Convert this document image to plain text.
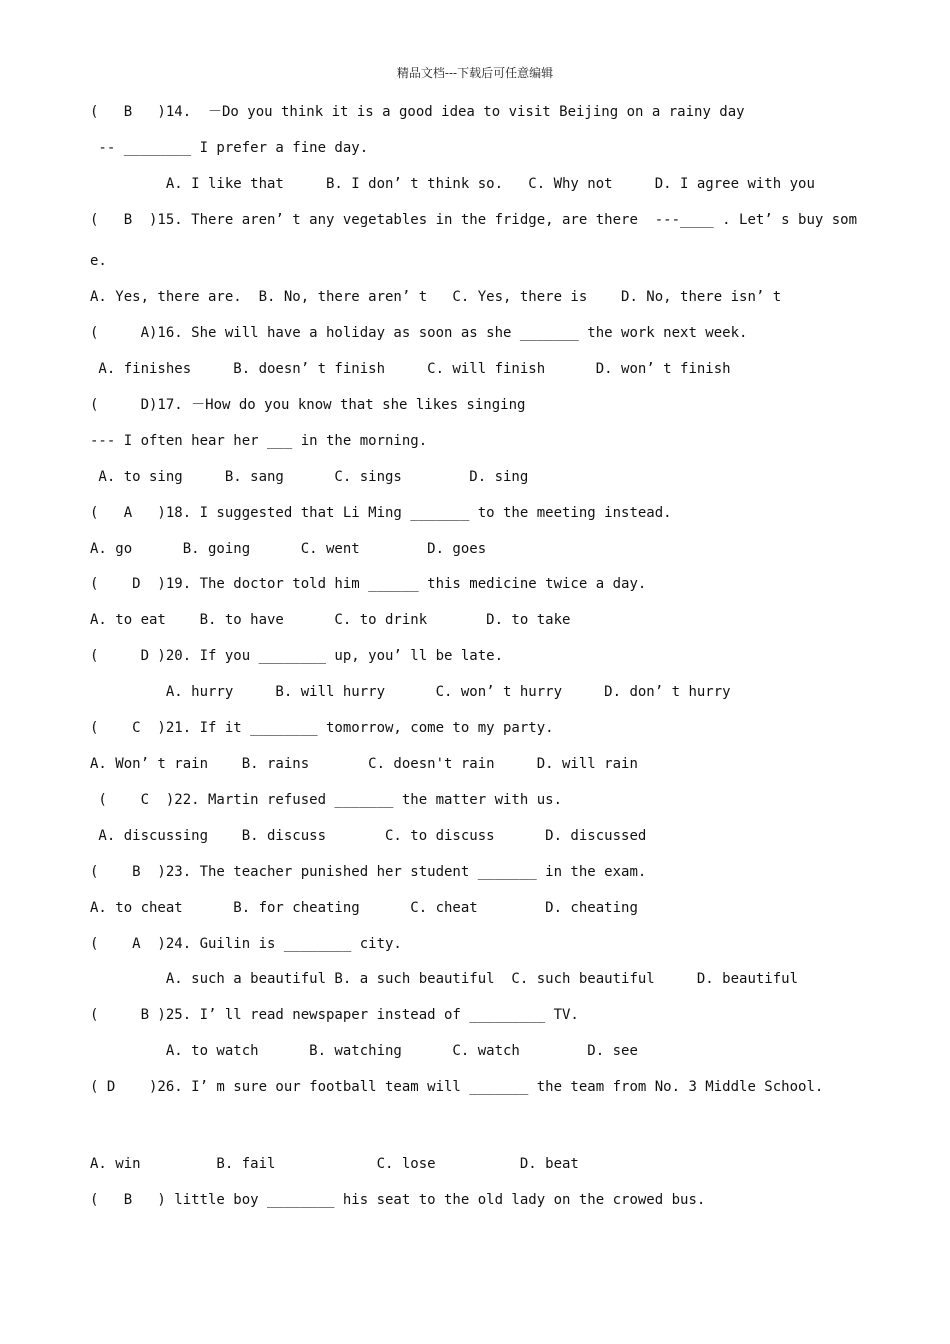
精品文档---下载后可任意编辑
(   B   )14.  －Do you think it is a good idea to visit Beijing on a rainy day
-- ________ I prefer a fine day.
A. I like that     B. I don’ t think so.   C. Why not     D. I agree with you
(   B  )15. There aren’ t any vegetables in the fridge, are there  ---____ . Let’ s buy som
e.
A. Yes, there are.  B. No, there aren’ t   C. Yes, there is    D. No, there isn’ t
(     A)16. She will have a holiday as soon as she _______ the work next week.
A. finishes     B. doesn’ t finish     C. will finish      D. won’ t finish
(     D)17. －How do you know that she likes singing
--- I often hear her ___ in the morning.
A. to sing     B. sang      C. sings        D. sing
(   A   )18. I suggested that Li Ming _______ to the meeting instead.
A. go      B. going      C. went        D. goes
(    D  )19. The doctor told him ______ this medicine twice a day.
A. to eat    B. to have      C. to drink       D. to take
(     D )20. If you ________ up, you’ ll be late.
A. hurry     B. will hurry      C. won’ t hurry     D. don’ t hurry
(    C  )21. If it ________ tomorrow, come to my party.
A. Won’ t rain    B. rains       C. doesn't rain     D. will rain
(    C  )22. Martin refused _______ the matter with us.
A. discussing    B. discuss       C. to discuss      D. discussed
(    B  )23. The teacher punished her student _______ in the exam.
A. to cheat      B. for cheating      C. cheat        D. cheating
(    A  )24. Guilin is ________ city.
A. such a beautiful B. a such beautiful  C. such beautiful     D. beautiful
(     B )25. I’ ll read newspaper instead of _________ TV.
A. to watch      B. watching      C. watch        D. see
( D    )26. I’ m sure our football team will _______ the team from No. 3 Middle School.
A. win         B. fail            C. lose          D. beat
(   B   ) little boy ________ his seat to the old lady on the crowed bus.
